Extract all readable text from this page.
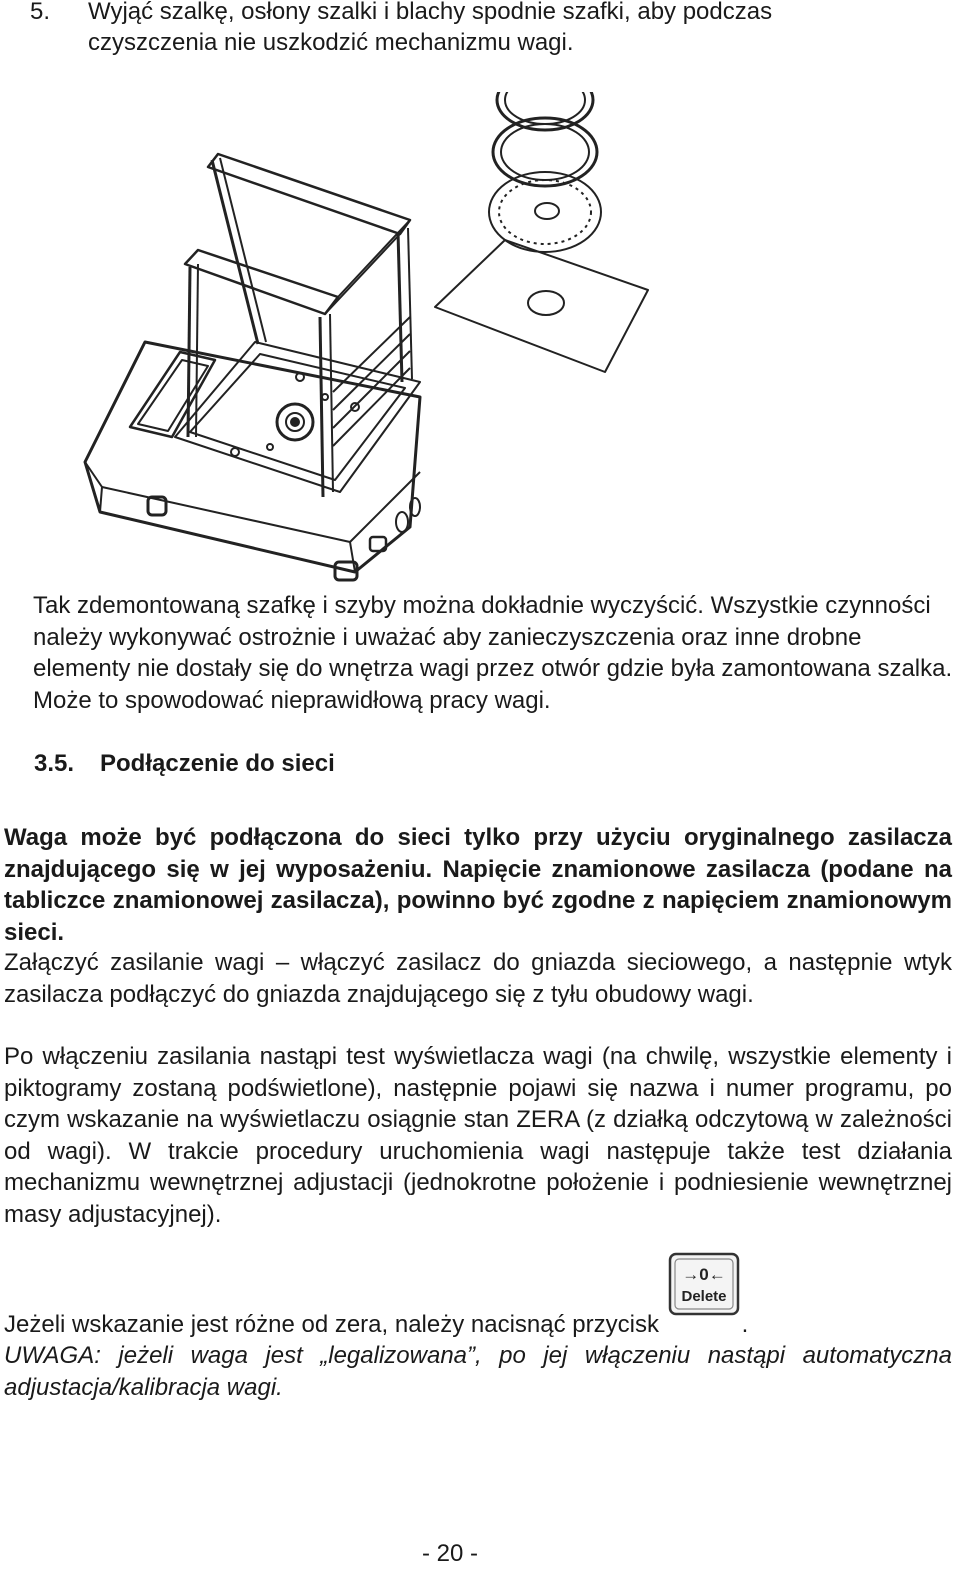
5. Wyjąć szalkę, osłony szalki i blachy spodnie szafki, aby podczas czyszczenia nie uszkodzić mechanizmu wagi.
Tak zdemontowaną szafkę i szyby można dokładnie wyczyścić. Wszystkie czynności należy wykonywać ostrożnie i uważać aby zanieczyszczenia oraz inne drobne elementy nie dostały się do wnętrza wagi przez otwór gdzie była zamontowana szalka. Może to spowodować nieprawidłową pracy wagi.
3.5. Podłączenie do sieci
Waga może być podłączona do sieci tylko przy użyciu oryginalnego zasilacza znajdującego się w jej wyposażeniu. Napięcie znamionowe zasilacza (podane na tabliczce znamionowej zasilacza), powinno być zgodne z napięciem znamionowym sieci.
Załączyć zasilanie wagi – włączyć zasilacz do gniazda sieciowego, a następnie wtyk zasilacza podłączyć do gniazda znajdującego się z tyłu obudowy wagi.
Po włączeniu zasilania nastąpi test wyświetlacza wagi (na chwilę, wszystkie elementy i piktogramy zostaną podświetlone), następnie pojawi się nazwa i numer programu, po czym wskazanie na wyświetlaczu osiągnie stan ZERA (z działką odczytową w zależności od wagi). W trakcie procedury uruchomienia wagi następuje także test działania mechanizmu wewnętrznej adjustacji (jednokrotne położenie i podniesienie wewnętrznej masy adjustacyjnej).
Jeżeli wskazanie jest różne od zera, należy nacisnąć przycisk
→0←
Delete
.
UWAGA: jeżeli waga jest „legalizowana”, po jej włączeniu nastąpi automatyczna adjustacja/kalibracja wagi.
- 20 -
